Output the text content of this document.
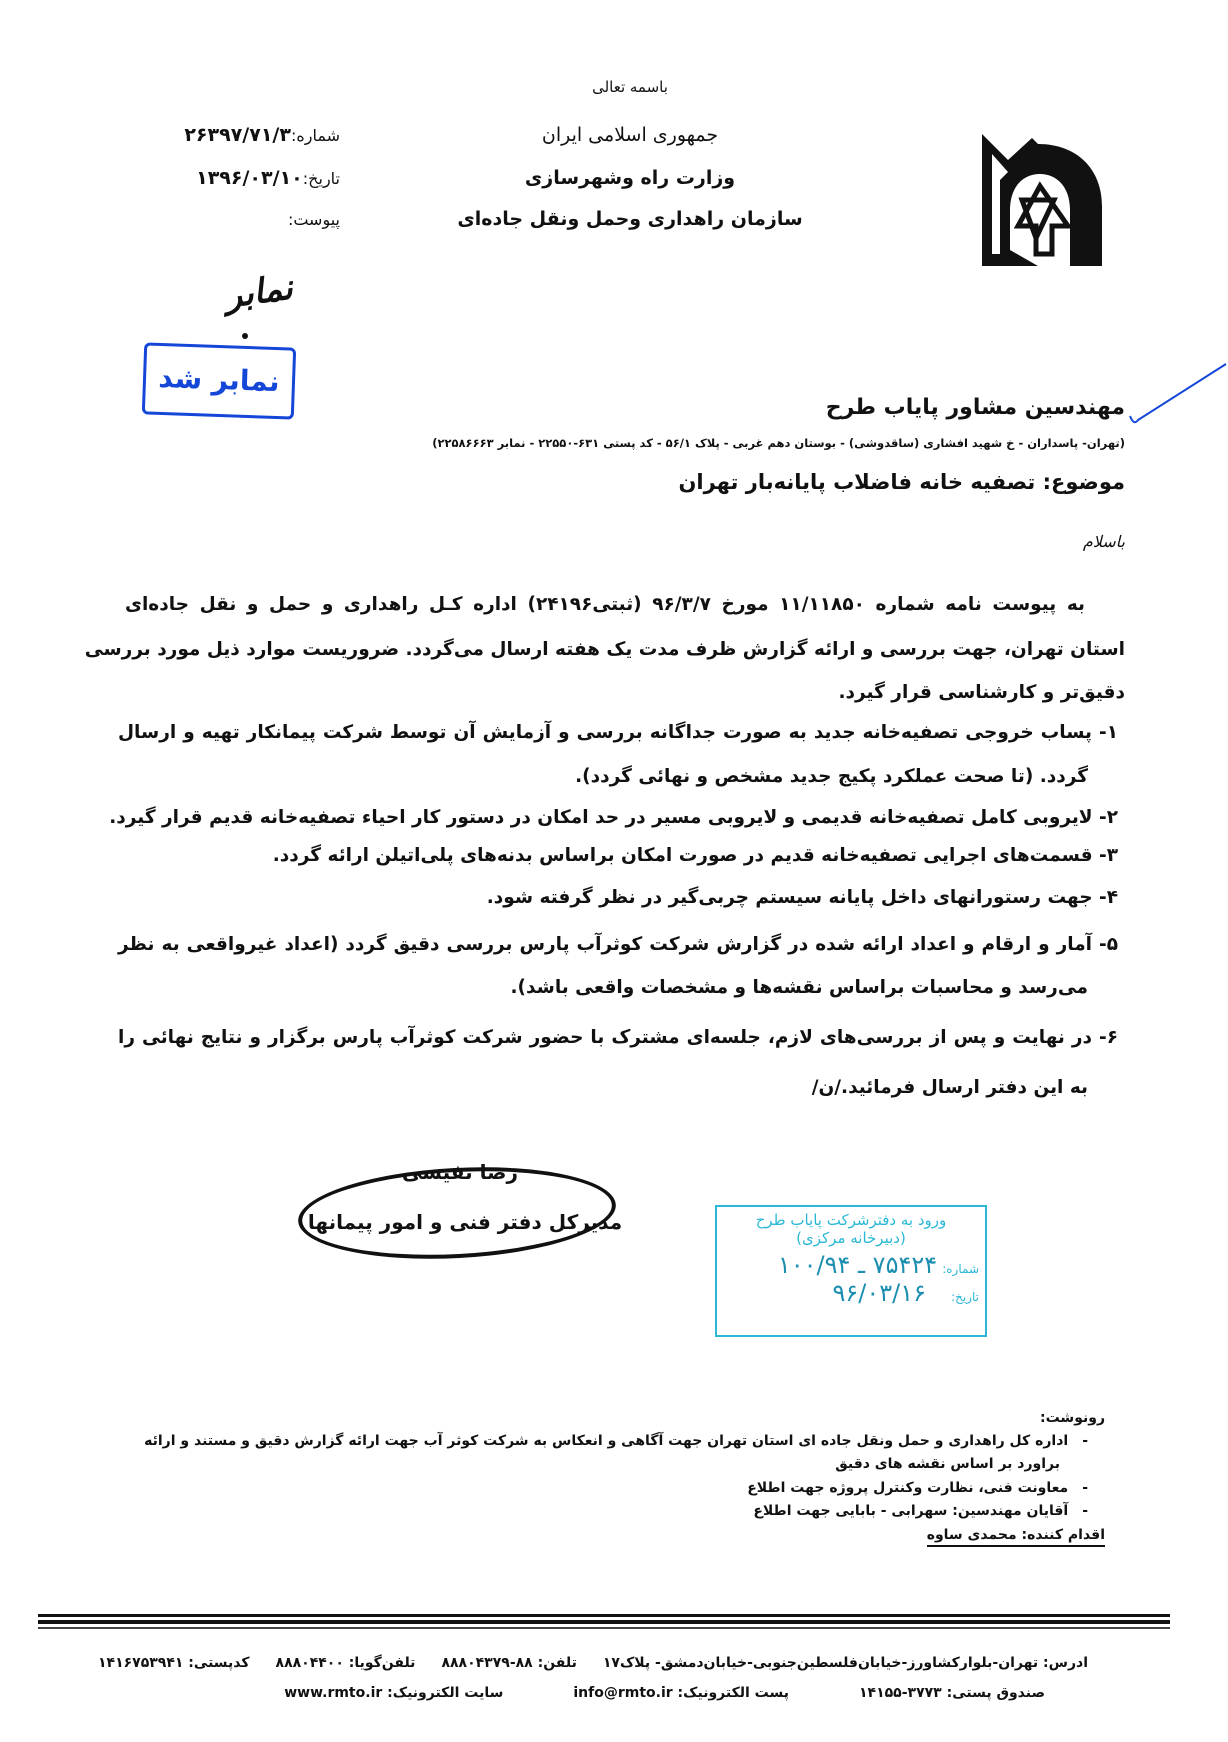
باسمه تعالی
جمهوری اسلامی ایران
وزارت راه وشهرسازی
سازمان راهداری وحمل ونقل جاده‌ای
شماره:۲۶۳۹۷/۷۱/۳
تاریخ:۱۳۹۶/۰۳/۱۰
پیوست:
نمابر
نمابر شد
مهندسین مشاور پایاب طرح
(تهران- پاسداران - خ شهید افشاری (ساقدوشی) - بوستان دهم غربی - پلاک ۵۶/۱ - کد پستی ۶۳۱-۲۲۵۵۰ - نمابر ۲۲۵۸۶۶۶۳)
موضوع: تصفیه خانه فاضلاب پایانه‌بار تهران
باسلام
به پیوست نامه شماره ۱۱/۱۱۸۵۰ مورخ ۹۶/۳/۷ (ثبتی۲۴۱۹۶) اداره کـل راهداری و حمل و نقل جاده‌ای
استان تهران، جهت بررسی و ارائه گزارش ظرف مدت یک هفته ارسال می‌گردد. ضروریست موارد ذیل مورد بررسی
دقیق‌تر و کارشناسی قرار گیرد.
۱- پساب خروجی تصفیه‌خانه جدید به صورت جداگانه بررسی و آزمایش آن توسط شرکت پیمانکار تهیه و ارسال
گردد. (تا صحت عملکرد پکیج جدید مشخص و نهائی گردد).
۲- لایروبی کامل تصفیه‌خانه قدیمی و لایروبی مسیر در حد امکان در دستور کار احیاء تصفیه‌خانه قدیم قرار گیرد.
۳- قسمت‌های اجرایی تصفیه‌خانه قدیم در صورت امکان براساس بدنه‌های پلی‌اتیلن ارائه گردد.
۴- جهت رستورانهای داخل پایانه سیستم چربی‌گیر در نظر گرفته شود.
۵- آمار و ارقام و اعداد ارائه شده در گزارش شرکت کوثرآب پارس بررسی دقیق گردد (اعداد غیرواقعی به نظر
می‌رسد و محاسبات براساس نقشه‌ها و مشخصات واقعی باشد).
۶- در نهایت و پس از بررسی‌های لازم، جلسه‌ای مشترک با حضور شرکت کوثرآب پارس برگزار و نتایج نهائی را
به این دفتر ارسال فرمائید./ن/
رضا نفیسی
مدیرکل دفتر فنی و امور پیمانها	ورود به دفترشرکت پایاب طرح
(دبیرخانه مرکزی)
شماره: ۷۵۴۲۴ ـ ۱۰۰/۹۴
تاریخ: ۹۶/۰۳/۱۶
رونوشت:
-اداره کل راهداری و حمل ونقل جاده ای استان تهران جهت آگاهی و انعکاس به شرکت کوثر آب جهت ارائه گزارش دقیق و مستند و ارائه
براورد بر اساس نقشه های دقیق
-معاونت فنی، نظارت وکنترل پروژه جهت اطلاع
-آقایان مهندسین: سهرابی - بابایی جهت اطلاع
اقدام کننده: محمدی ساوه
ادرس: تهران-بلوارکشاورز-خیابان‌فلسطین‌جنوبی-خیابان‌دمشق- پلاک۱۷
تلفن: ۸۸-۸۸۸۰۴۳۷۹
تلفن‌گویا: ۸۸۸۰۴۴۰۰
کدپستی: ۱۴۱۶۷۵۳۹۴۱
صندوق پستی: ۳۷۷۳-۱۴۱۵۵
پست الکترونیک: info@rmto.ir
سایت الکترونیک: www.rmto.ir
